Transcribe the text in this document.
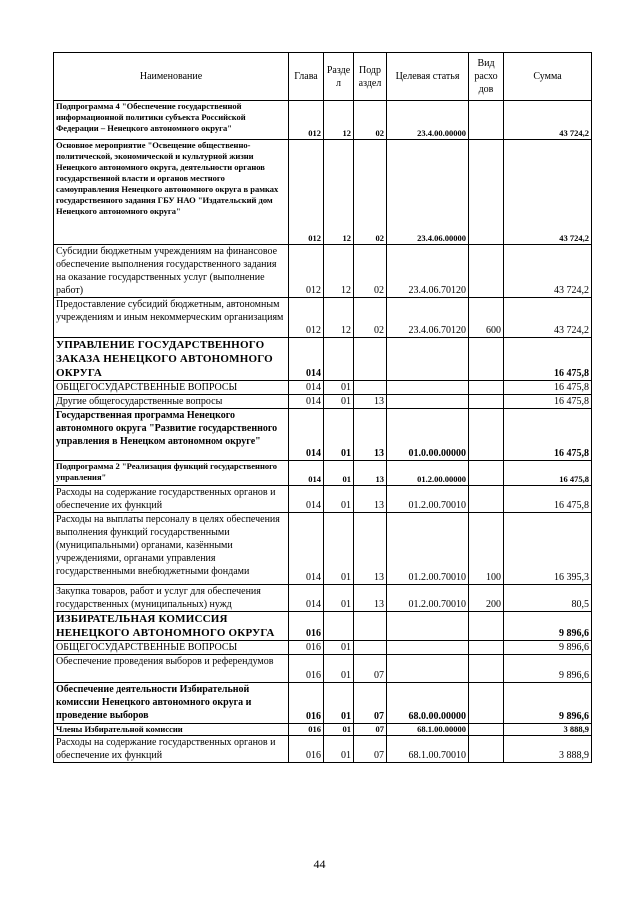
Наименование	Глава	Разде л	Подр аздел	Целевая статья	Вид расхо дов	Сумма
Подпрограмма 4 "Обеспечение государственной информационной политики субъекта Российской Федерации – Ненецкого автономного округа"	012	12	02	23.4.00.00000		43 724,2
Основное мероприятие "Освещение общественно-политической, экономической и культурной жизни Ненецкого автономного округа, деятельности органов государственной власти и органов местного самоуправления Ненецкого автономного округа в рамках государственного задания ГБУ НАО "Издательский дом Ненецкого автономного округа"	012	12	02	23.4.06.00000		43 724,2
Субсидии бюджетным учреждениям на финансовое обеспечение выполнения государственного задания на оказание государственных услуг (выполнение работ)	012	12	02	23.4.06.70120		43 724,2
Предоставление субсидий бюджетным, автономным учреждениям и иным некоммерческим организациям	012	12	02	23.4.06.70120	600	43 724,2
УПРАВЛЕНИЕ ГОСУДАРСТВЕННОГО ЗАКАЗА НЕНЕЦКОГО АВТОНОМНОГО ОКРУГА	014					16 475,8
ОБЩЕГОСУДАРСТВЕННЫЕ ВОПРОСЫ	014	01				16 475,8
Другие общегосударственные вопросы	014	01	13			16 475,8
Государственная программа Ненецкого автономного округа "Развитие государственного управления в Ненецком автономном округе"	014	01	13	01.0.00.00000		16 475,8
Подпрограмма 2 "Реализация функций государственного управления"	014	01	13	01.2.00.00000		16 475,8
Расходы на содержание государственных органов и обеспечение их функций	014	01	13	01.2.00.70010		16 475,8
Расходы на выплаты персоналу в целях обеспечения выполнения функций государственными (муниципальными) органами, казёнными учреждениями, органами управления государственными внебюджетными фондами	014	01	13	01.2.00.70010	100	16 395,3
Закупка товаров, работ и услуг для обеспечения государственных (муниципальных) нужд	014	01	13	01.2.00.70010	200	80,5
ИЗБИРАТЕЛЬНАЯ КОМИССИЯ НЕНЕЦКОГО АВТОНОМНОГО ОКРУГА	016					9 896,6
ОБЩЕГОСУДАРСТВЕННЫЕ ВОПРОСЫ	016	01				9 896,6
Обеспечение проведения выборов и референдумов	016	01	07			9 896,6
Обеспечение деятельности Избирательной комиссии Ненецкого автономного округа и проведение выборов	016	01	07	68.0.00.00000		9 896,6
Члены Избирательной комиссии	016	01	07	68.1.00.00000		3 888,9
Расходы на содержание государственных органов и обеспечение их функций	016	01	07	68.1.00.70010		3 888,9
44
